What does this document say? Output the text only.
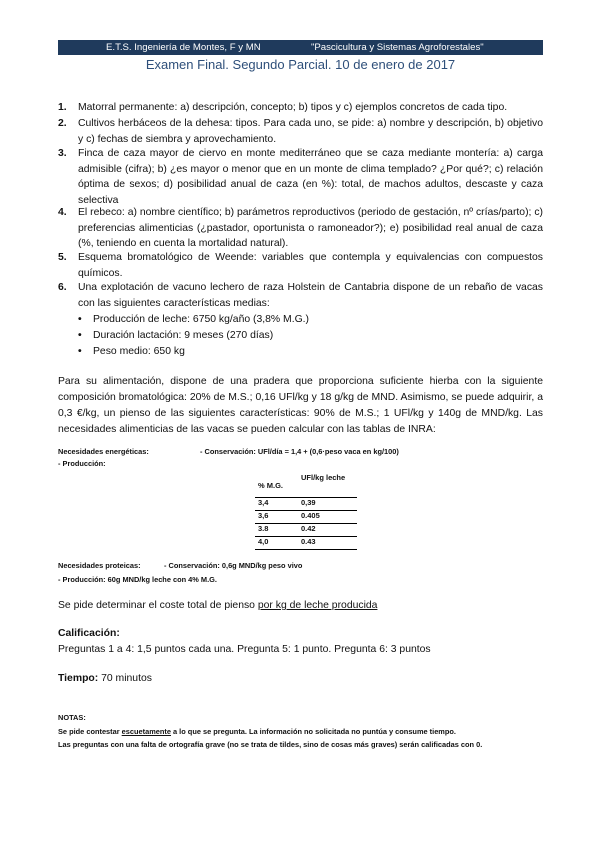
E.T.S. Ingeniería de Montes, F y MN	"Pascicultura y Sistemas Agroforestales"
Examen Final. Segundo Parcial. 10 de enero de 2017
1. Matorral permanente: a) descripción, concepto; b) tipos y c) ejemplos concretos de cada tipo.
2. Cultivos herbáceos de la dehesa: tipos. Para cada uno, se pide: a) nombre y descripción, b) objetivo y c) fechas de siembra y aprovechamiento.
3. Finca de caza mayor de ciervo en monte mediterráneo que se caza mediante montería: a) carga admisible (cifra); b) ¿es mayor o menor que en un monte de clima templado? ¿Por qué?; c) relación óptima de sexos; d) posibilidad anual de caza (en %): total, de machos adultos, descaste y caza selectiva
4. El rebeco: a) nombre científico; b) parámetros reproductivos (periodo de gestación, nº crías/parto); c) preferencias alimenticias (¿pastador, oportunista o ramoneador?); e) posibilidad real anual de caza (%, teniendo en cuenta la mortalidad natural).
5. Esquema bromatológico de Weende: variables que contempla y equivalencias con compuestos químicos.
6. Una explotación de vacuno lechero de raza Holstein de Cantabria dispone de un rebaño de vacas con las siguientes características medias:
• Producción de leche: 6750 kg/año (3,8% M.G.)
• Duración lactación: 9 meses (270 días)
• Peso medio: 650 kg
Para su alimentación, dispone de una pradera que proporciona suficiente hierba con la siguiente composición bromatológica: 20% de M.S.; 0,16 UFl/kg y 18 g/kg de MND. Asimismo, se puede adquirir, a 0,3 €/kg, un pienso de las siguientes características: 90% de M.S.; 1 UFl/kg y 140g de MND/kg. Las necesidades alimenticias de las vacas se pueden calcular con las tablas de INRA:
Necesidades energéticas:	- Conservación: UFl/día = 1,4 + (0,6·peso vaca en kg/100)
- Producción:
% M.G.	UFl/kg leche
3,4	0,39
3,6	0.405
3.8	0.42
4,0	0.43
Necesidades proteicas:	- Conservación: 0,6g MND/kg peso vivo
- Producción: 60g MND/kg leche con 4% M.G.
Se pide determinar el coste total de pienso por kg de leche producida
Calificación:
Preguntas 1 a 4: 1,5 puntos cada una. Pregunta 5: 1 punto. Pregunta 6: 3 puntos
Tiempo: 70 minutos
NOTAS:
Se pide contestar escuetamente a lo que se pregunta. La información no solicitada no puntúa y consume tiempo.
Las preguntas con una falta de ortografía grave (no se trata de tildes, sino de cosas más graves) serán calificadas con 0.
